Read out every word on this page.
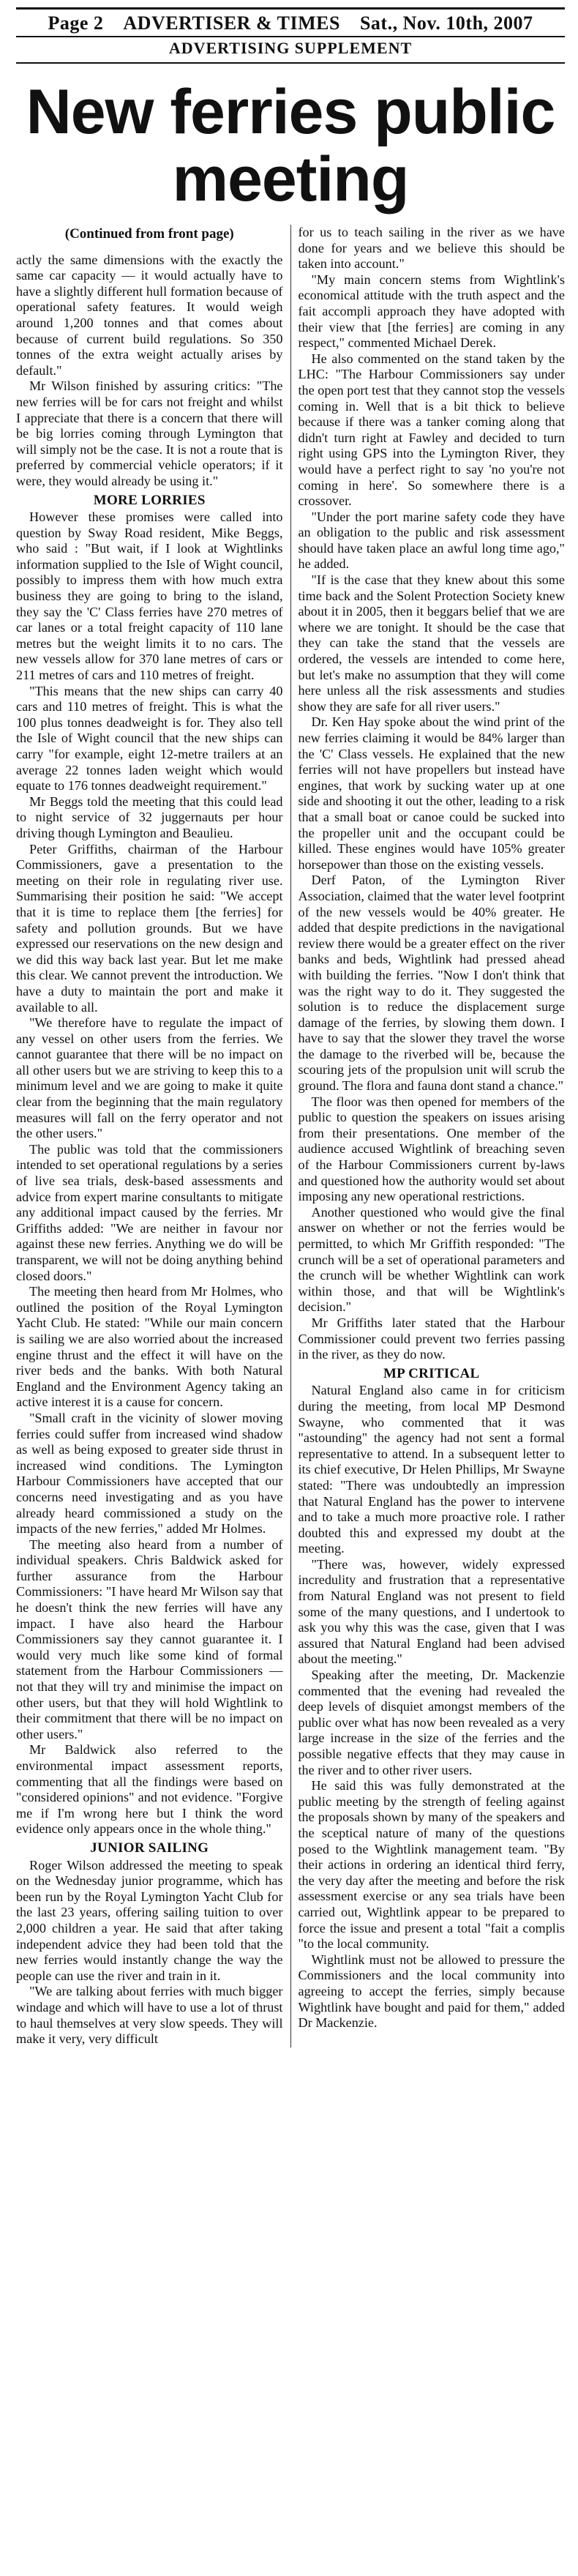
Page 2 ADVERTISER & TIMES Sat., Nov. 10th, 2007
ADVERTISING SUPPLEMENT
New ferries public meeting
(Continued from front page)

actly the same dimensions with the exactly the same car capacity — it would actually have to have a slightly different hull formation because of operational safety features. It would weigh around 1,200 tonnes and that comes about because of current build regulations. So 350 tonnes of the extra weight actually arises by default."

Mr Wilson finished by assuring critics: "The new ferries will be for cars not freight and whilst I appreciate that there is a concern that there will be big lorries coming through Lymington that will simply not be the case. It is not a route that is preferred by commercial vehicle operators; if it were, they would already be using it."

MORE LORRIES

However these promises were called into question by Sway Road resident, Mike Beggs, who said : "But wait, if I look at Wightlinks information supplied to the Isle of Wight council, possibly to impress them with how much extra business they are going to bring to the island, they say the 'C' Class ferries have 270 metres of car lanes or a total freight capacity of 110 lane metres but the weight limits it to no cars. The new vessels allow for 370 lane metres of cars or 211 metres of cars and 110 metres of freight.

"This means that the new ships can carry 40 cars and 110 metres of freight. This is what the 100 plus tonnes deadweight is for. They also tell the Isle of Wight council that the new ships can carry "for example, eight 12-metre trailers at an average 22 tonnes laden weight which would equate to 176 tonnes deadweight requirement."

Mr Beggs told the meeting that this could lead to night service of 32 juggernauts per hour driving though Lymington and Beaulieu.

Peter Griffiths, chairman of the Harbour Commissioners, gave a presentation to the meeting on their role in regulating river use. Summarising their position he said: "We accept that it is time to replace them [the ferries] for safety and pollution grounds. But we have expressed our reservations on the new design and we did this way back last year. But let me make this clear. We cannot prevent the introduction. We have a duty to maintain the port and make it available to all.

"We therefore have to regulate the impact of any vessel on other users from the ferries. We cannot guarantee that there will be no impact on all other users but we are striving to keep this to a minimum level and we are going to make it quite clear from the beginning that the main regulatory measures will fall on the ferry operator and not the other users."

The public was told that the commissioners intended to set operational regulations by a series of live sea trials, desk-based assessments and advice from expert marine consultants to mitigate any additional impact caused by the ferries. Mr Griffiths added: "We are neither in favour nor against these new ferries. Anything we do will be transparent, we will not be doing anything behind closed doors."

The meeting then heard from Mr Holmes, who outlined the position of the Royal Lymington Yacht Club. He stated: "While our main concern is sailing we are also worried about the increased engine thrust and the effect it will have on the river beds and the banks. With both Natural England and the Environment Agency taking an active interest it is a cause for concern.

"Small craft in the vicinity of slower moving ferries could suffer from increased wind shadow as well as being exposed to greater side thrust in increased wind conditions. The Lymington Harbour Commissioners have accepted that our concerns need investigating and as you have already heard commissioned a study on the impacts of the new ferries," added Mr Holmes.

The meeting also heard from a number of individual speakers. Chris Baldwick asked for further assurance from the Harbour Commissioners: "I have heard Mr Wilson say that he doesn't think the new ferries will have any impact. I have also heard the Harbour Commissioners say they cannot guarantee it. I would very much like some kind of formal statement from the Harbour Commissioners — not that they will try and minimise the impact on other users, but that they will hold Wightlink to their commitment that there will be no impact on other users."

Mr Baldwick also referred to the environmental impact assessment reports, commenting that all the findings were based on "considered opinions" and not evidence. "Forgive me if I'm wrong here but I think the word evidence only appears once in the whole thing."

JUNIOR SAILING

Roger Wilson addressed the meeting to speak on the Wednesday junior programme, which has been run by the Royal Lymington Yacht Club for the last 23 years, offering sailing tuition to over 2,000 children a year. He said that after taking independent advice they had been told that the new ferries would instantly change the way the people can use the river and train in it.

"We are talking about ferries with much bigger windage and which will have to use a lot of thrust to haul themselves at very slow speeds. They will make it very, very difficult

for us to teach sailing in the river as we have done for years and we believe this should be taken into account."

"My main concern stems from Wightlink's economical attitude with the truth aspect and the fait accompli approach they have adopted with their view that [the ferries] are coming in any respect," commented Michael Derek.

He also commented on the stand taken by the LHC: "The Harbour Commissioners say under the open port test that they cannot stop the vessels coming in. Well that is a bit thick to believe because if there was a tanker coming along that didn't turn right at Fawley and decided to turn right using GPS into the Lymington River, they would have a perfect right to say 'no you're not coming in here'. So somewhere there is a crossover.

"Under the port marine safety code they have an obligation to the public and risk assessment should have taken place an awful long time ago," he added.

"If is the case that they knew about this some time back and the Solent Protection Society knew about it in 2005, then it beggars belief that we are where we are tonight. It should be the case that they can take the stand that the vessels are ordered, the vessels are intended to come here, but let's make no assumption that they will come here unless all the risk assessments and studies show they are safe for all river users."

Dr. Ken Hay spoke about the wind print of the new ferries claiming it would be 84% larger than the 'C' Class vessels. He explained that the new ferries will not have propellers but instead have engines, that work by sucking water up at one side and shooting it out the other, leading to a risk that a small boat or canoe could be sucked into the propeller unit and the occupant could be killed. These engines would have 105% greater horsepower than those on the existing vessels.

Derf Paton, of the Lymington River Association, claimed that the water level footprint of the new vessels would be 40% greater. He added that despite predictions in the navigational review there would be a greater effect on the river banks and beds, Wightlink had pressed ahead with building the ferries. "Now I don't think that was the right way to do it. They suggested the solution is to reduce the displacement surge damage of the ferries, by slowing them down. I have to say that the slower they travel the worse the damage to the riverbed will be, because the scouring jets of the propulsion unit will scrub the ground. The flora and fauna dont stand a chance."

The floor was then opened for members of the public to question the speakers on issues arising from their presentations. One member of the audience accused Wightlink of breaching seven of the Harbour Commissioners current by-laws and questioned how the authority would set about imposing any new operational restrictions.

Another questioned who would give the final answer on whether or not the ferries would be permitted, to which Mr Griffith responded: "The crunch will be a set of operational parameters and the crunch will be whether Wightlink can work within those, and that will be Wightlink's decision."

Mr Griffiths later stated that the Harbour Commissioner could prevent two ferries passing in the river, as they do now.

MP CRITICAL

Natural England also came in for criticism during the meeting, from local MP Desmond Swayne, who commented that it was "astounding" the agency had not sent a formal representative to attend. In a subsequent letter to its chief executive, Dr Helen Phillips, Mr Swayne stated: "There was undoubtedly an impression that Natural England has the power to intervene and to take a much more proactive role. I rather doubted this and expressed my doubt at the meeting.

"There was, however, widely expressed incredulity and frustration that a representative from Natural England was not present to field some of the many questions, and I undertook to ask you why this was the case, given that I was assured that Natural England had been advised about the meeting."

Speaking after the meeting, Dr. Mackenzie commented that the evening had revealed the deep levels of disquiet amongst members of the public over what has now been revealed as a very large increase in the size of the ferries and the possible negative effects that they may cause in the river and to other river users.

He said this was fully demonstrated at the public meeting by the strength of feeling against the proposals shown by many of the speakers and the sceptical nature of many of the questions posed to the Wightlink management team. "By their actions in ordering an identical third ferry, the very day after the meeting and before the risk assessment exercise or any sea trials have been carried out, Wightlink appear to be prepared to force the issue and present a total "fait a complis "to the local community.

Wightlink must not be allowed to pressure the Commissioners and the local community into agreeing to accept the ferries, simply because Wightlink have bought and paid for them," added Dr Mackenzie.
